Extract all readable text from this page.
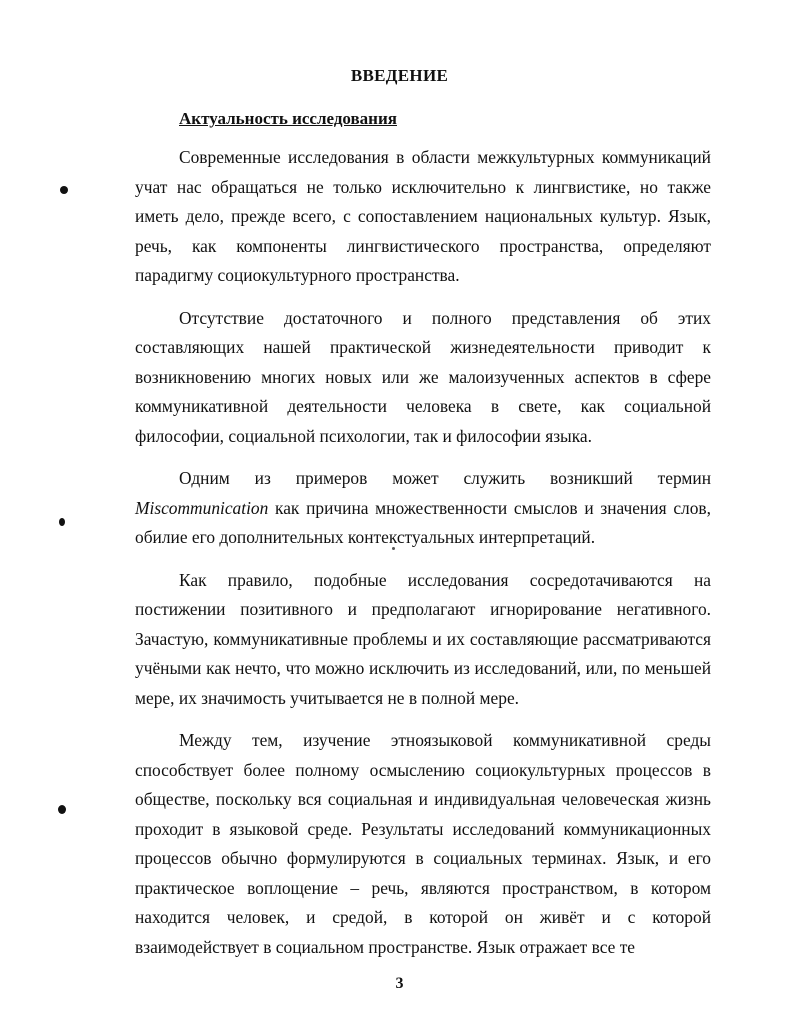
ВВЕДЕНИЕ
Актуальность исследования

Современные исследования в области межкультурных коммуникаций учат нас обращаться не только исключительно к лингвистике, но также иметь дело, прежде всего, с сопоставлением национальных культур. Язык, речь, как компоненты лингвистического пространства, определяют парадигму социокультурного пространства.

Отсутствие достаточного и полного представления об этих составляющих нашей практической жизнедеятельности приводит к возникновению многих новых или же малоизученных аспектов в сфере коммуникативной деятельности человека в свете, как социальной философии, социальной психологии, так и философии языка.

Одним из примеров может служить возникший термин Miscommunication как причина множественности смыслов и значения слов, обилие его дополнительных контекстуальных интерпретаций.

Как правило, подобные исследования сосредотачиваются на постижении позитивного и предполагают игнорирование негативного. Зачастую, коммуникативные проблемы и их составляющие рассматриваются учёными как нечто, что можно исключить из исследований, или, по меньшей мере, их значимость учитывается не в полной мере.

Между тем, изучение этноязыковой коммуникативной среды способствует более полному осмыслению социокультурных процессов в обществе, поскольку вся социальная и индивидуальная человеческая жизнь проходит в языковой среде. Результаты исследований коммуникационных процессов обычно формулируются в социальных терминах. Язык, и его практическое воплощение – речь, являются пространством, в котором находится человек, и средой, в которой он живёт и с которой взаимодействует в социальном пространстве. Язык отражает все те

3
